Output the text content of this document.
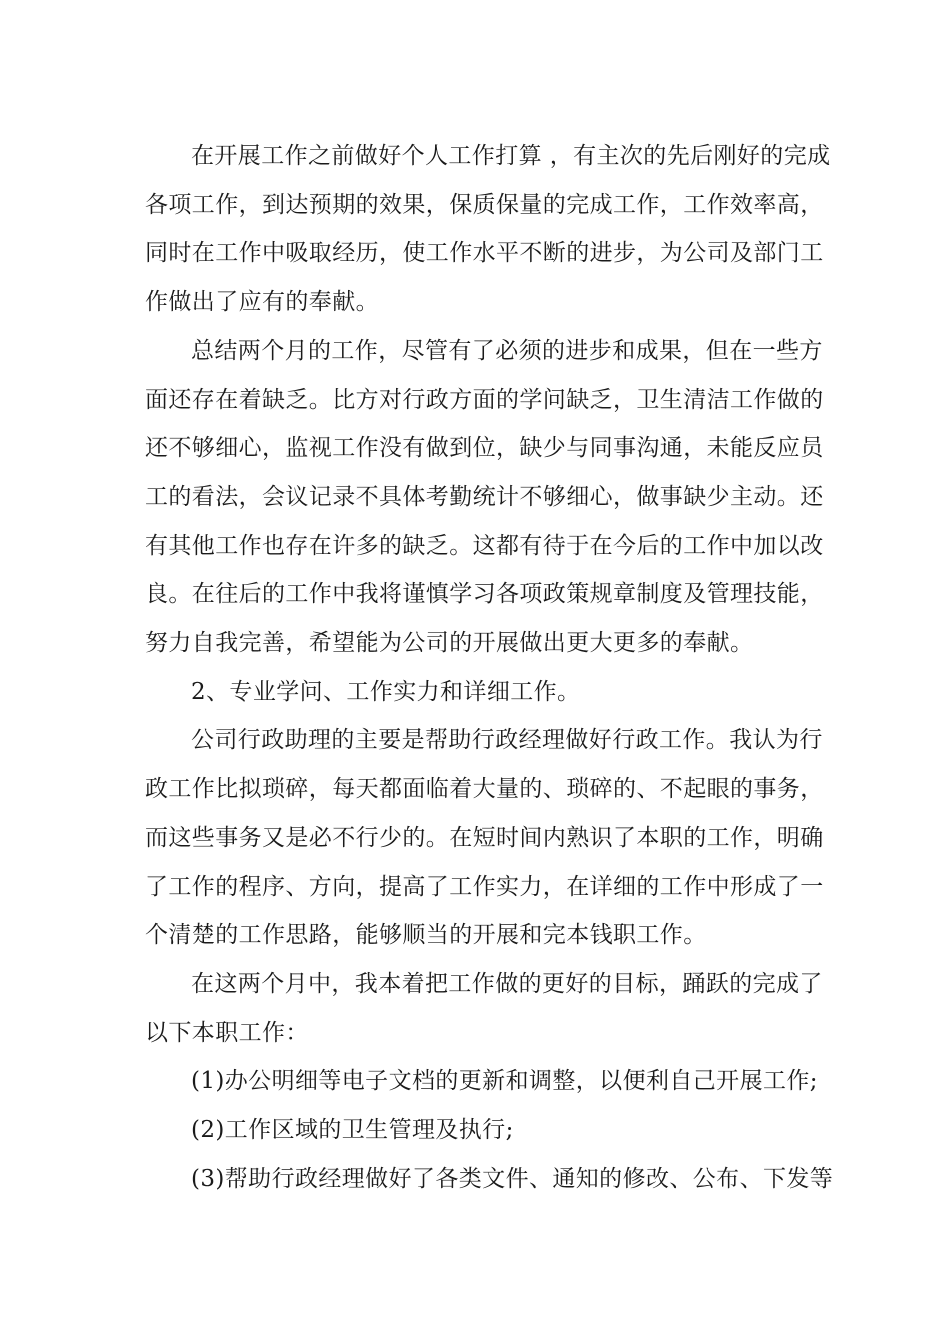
在开展工作之前做好个人工作打算 ，有主次的先后刚好的完成
各项工作，到达预期的效果，保质保量的完成工作，工作效率高，
同时在工作中吸取经历，使工作水平不断的进步，为公司及部门工
作做出了应有的奉献。
总结两个月的工作，尽管有了必须的进步和成果，但在一些方
面还存在着缺乏。比方对行政方面的学问缺乏，卫生清洁工作做的
还不够细心，监视工作没有做到位，缺少与同事沟通，未能反应员
工的看法，会议记录不具体考勤统计不够细心，做事缺少主动。还
有其他工作也存在许多的缺乏。这都有待于在今后的工作中加以改
良。在往后的工作中我将谨慎学习各项政策规章制度及管理技能，
努力自我完善，希望能为公司的开展做出更大更多的奉献。
2、专业学问、工作实力和详细工作。
公司行政助理的主要是帮助行政经理做好行政工作。我认为行
政工作比拟琐碎，每天都面临着大量的、琐碎的、不起眼的事务，
而这些事务又是必不行少的。在短时间内熟识了本职的工作，明确
了工作的程序、方向，提高了工作实力，在详细的工作中形成了一
个清楚的工作思路，能够顺当的开展和完本钱职工作。
在这两个月中，我本着把工作做的更好的目标，踊跃的完成了
以下本职工作：
(1)办公明细等电子文档的更新和调整，以便利自己开展工作;
(2)工作区域的卫生管理及执行;
(3)帮助行政经理做好了各类文件、通知的修改、公布、下发等
